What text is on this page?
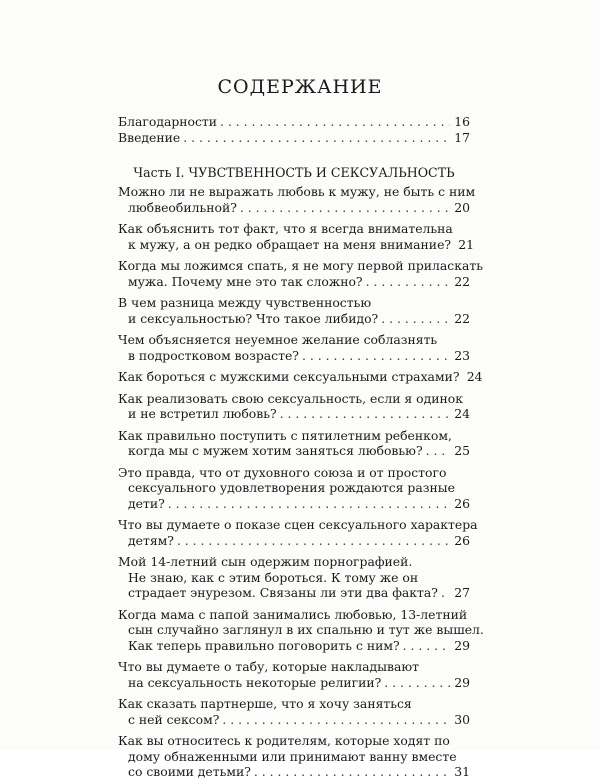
СОДЕРЖАНИЕ
Благодарности . . .	16
Введение . . .	17
Часть I. ЧУВСТВЕННОСТЬ И СЕКСУАЛЬНОСТЬ
Можно ли не выражать любовь к мужу, не быть с ним
любвеобильной? . . .	20
Как объяснить тот факт, что я всегда внимательна
к мужу, а он редко обращает на меня внимание? 21
Когда мы ложимся спать, я не могу первой приласкать
мужа. Почему мне это так сложно? . . .	22
В чем разница между чувственностью
и сексуальностью? Что такое либидо? . . .	22
Чем объясняется неуемное желание соблазнять
в подростковом возрасте? . . .	23
Как бороться с мужскими сексуальными страхами? 24
Как реализовать свою сексуальность, если я одинок
и не встретил любовь? . . .	24
Как правильно поступить с пятилетним ребенком,
когда мы с мужем хотим заняться любовью? . . .	25
Это правда, что от духовного союза и от простого
сексуального удовлетворения рождаются разные
дети? . . .	26
Что вы думаете о показе сцен сексуального характера
детям? . . .	26
Мой 14-летний сын одержим порнографией.
Не знаю, как с этим бороться. К тому же он
страдает энурезом. Связаны ли эти два факта? . . . 27
Когда мама с папой занимались любовью, 13-летний
сын случайно заглянул в их спальню и тут же вышел.
Как теперь правильно поговорить с ним? . . .	29
Что вы думаете о табу, которые накладывают
на сексуальность некоторые религии? . . .	29
Как сказать партнерше, что я хочу заняться
с ней сексом? . . .	30
Как вы относитесь к родителям, которые ходят по
дому обнаженными или принимают ванну вместе
со своими детьми? . . .	31
